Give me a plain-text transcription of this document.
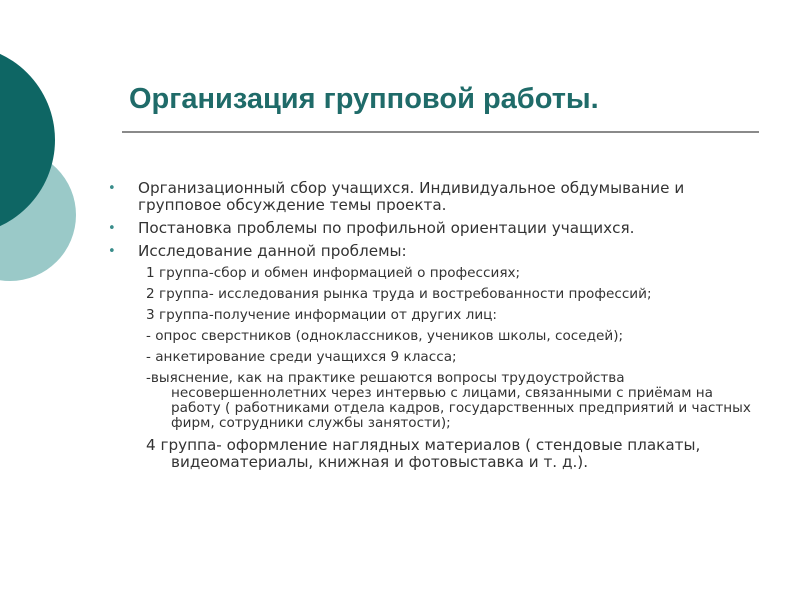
Организация групповой работы.
• Организационный сбор учащихся. Индивидуальное обдумывание и групповое обсуждение темы проекта.
• Постановка проблемы по профильной ориентации учащихся.
• Исследование данной проблемы:
1 группа-сбор и обмен информацией о профессиях;
2 группа- исследования рынка труда и востребованности профессий;
3 группа-получение информации от других лиц:
- опрос сверстников (одноклассников, учеников школы, соседей);
- анкетирование среди учащихся 9 класса;
-выяснение, как на практике решаются вопросы трудоустройства несовершеннолетних через интервью с лицами, связанными с приёмам на работу ( работниками отдела кадров, государственных предприятий и частных фирм, сотрудники службы занятости);
4 группа- оформление наглядных материалов ( стендовые плакаты, видеоматериалы, книжная и фотовыставка и т. д.).
